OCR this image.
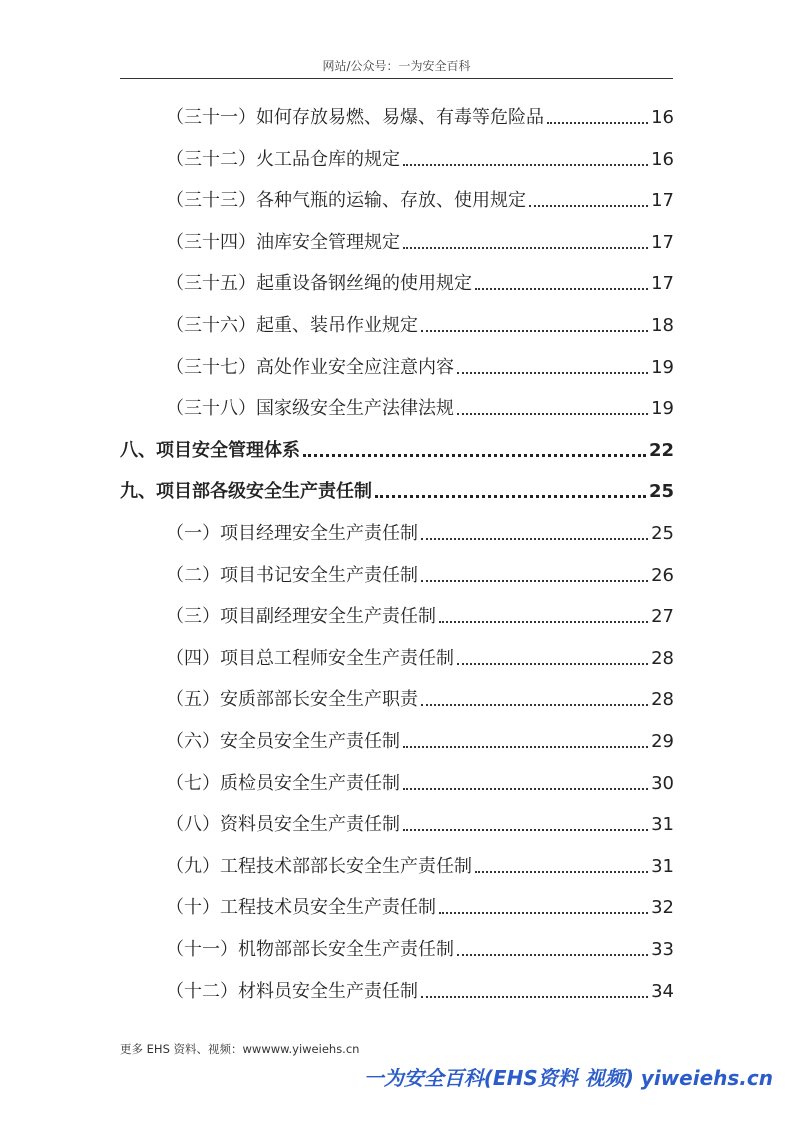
网站/公众号：一为安全百科
（三十一）如何存放易燃、易爆、有毒等危险品	16
（三十二）火工品仓库的规定	16
（三十三）各种气瓶的运输、存放、使用规定	17
（三十四）油库安全管理规定	17
（三十五）起重设备钢丝绳的使用规定	17
（三十六）起重、装吊作业规定	18
（三十七）高处作业安全应注意内容	19
（三十八）国家级安全生产法律法规	19
八、项目安全管理体系	22
九、项目部各级安全生产责任制	25
（一）项目经理安全生产责任制	25
（二）项目书记安全生产责任制	26
（三）项目副经理安全生产责任制	27
（四）项目总工程师安全生产责任制	28
（五）安质部部长安全生产职责	28
（六）安全员安全生产责任制	29
（七）质检员安全生产责任制	30
（八）资料员安全生产责任制	31
（九）工程技术部部长安全生产责任制	31
（十）工程技术员安全生产责任制	32
（十一）机物部部长安全生产责任制	33
（十二）材料员安全生产责任制	34
更多 EHS 资料、视频：wwwww.yiweiehs.cn
一为安全百科(EHS资料 视频) yiweiehs.cn
